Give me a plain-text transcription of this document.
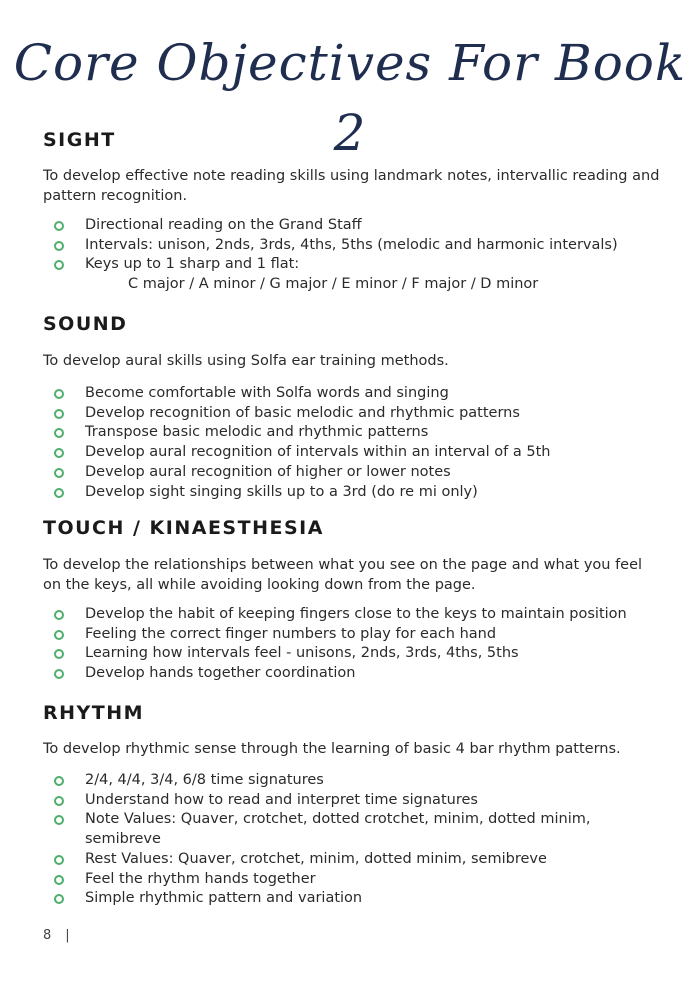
Core Objectives For Book 2
SIGHT

To develop effective note reading skills using landmark notes, intervallic reading and pattern recognition.

Directional reading on the Grand Staff
Intervals: unison, 2nds, 3rds, 4ths, 5ths (melodic and harmonic intervals)
Keys up to 1 sharp and 1 flat:
C major / A minor / G major / E minor / F major / D minor
SOUND

To develop aural skills using Solfa ear training methods.

Become comfortable with Solfa words and singing
Develop recognition of basic melodic and rhythmic patterns
Transpose basic melodic and rhythmic patterns
Develop aural recognition of intervals within an interval of a 5th
Develop aural recognition of higher or lower notes
Develop sight singing skills up to a 3rd (do re mi only)
TOUCH / KINAESTHESIA

To develop the relationships between what you see on the page and what you feel on the keys, all while avoiding looking down from the page.

Develop the habit of keeping fingers close to the keys to maintain position
Feeling the correct finger numbers to play for each hand
Learning how intervals feel - unisons, 2nds, 3rds, 4ths, 5ths
Develop hands together coordination
RHYTHM

To develop rhythmic sense through the learning of basic 4 bar rhythm patterns.

2/4, 4/4, 3/4, 6/8 time signatures
Understand how to read and interpret time signatures
Note Values: Quaver, crotchet, dotted crotchet, minim, dotted minim, semibreve
Rest Values: Quaver, crotchet, minim, dotted minim, semibreve
Feel the rhythm hands together
Simple rhythmic pattern and variation
8 |
